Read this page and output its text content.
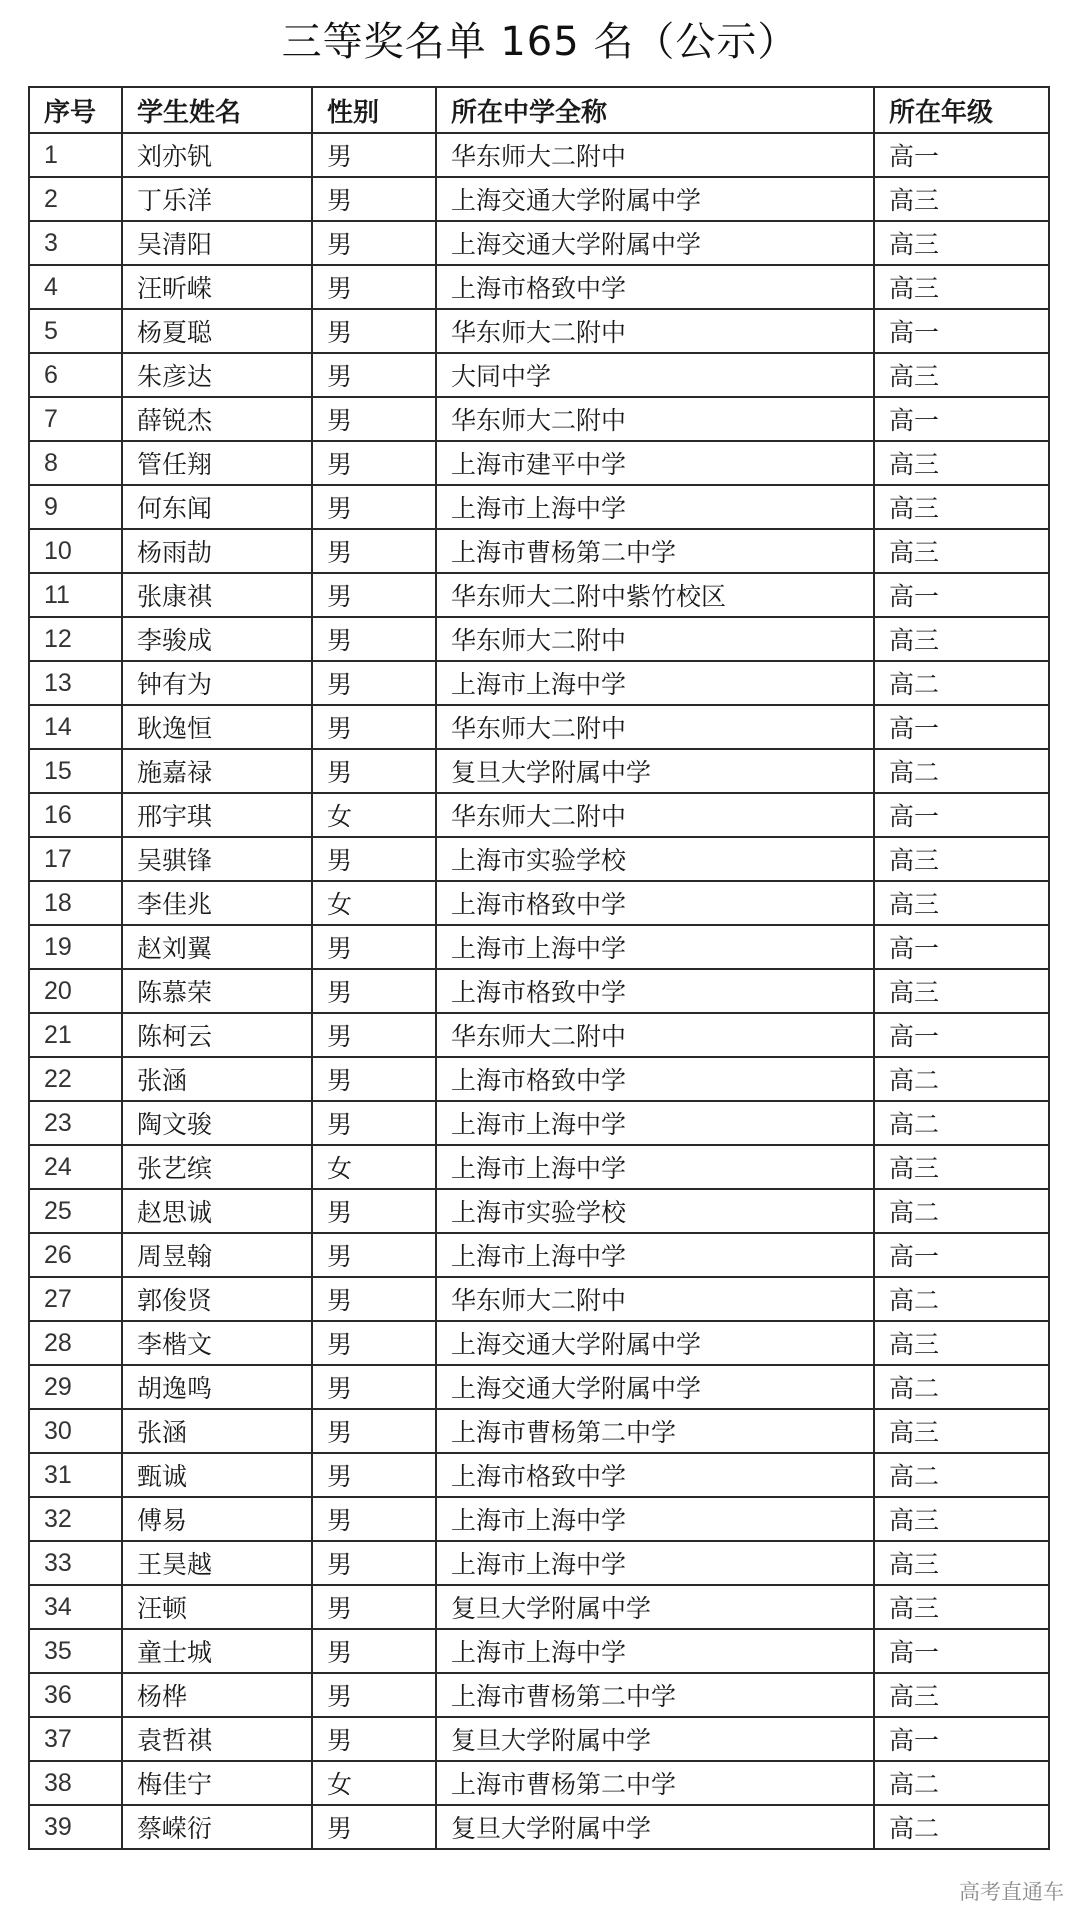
三等奖名单 165 名（公示）
序号	学生姓名	性别	所在中学全称	所在年级
1	刘亦钒	男	华东师大二附中	高一
2	丁乐洋	男	上海交通大学附属中学	高三
3	吴清阳	男	上海交通大学附属中学	高三
4	汪昕嵘	男	上海市格致中学	高三
5	杨夏聪	男	华东师大二附中	高一
6	朱彦达	男	大同中学	高三
7	薛锐杰	男	华东师大二附中	高一
8	管任翔	男	上海市建平中学	高三
9	何东闻	男	上海市上海中学	高三
10	杨雨劼	男	上海市曹杨第二中学	高三
11	张康祺	男	华东师大二附中紫竹校区	高一
12	李骏成	男	华东师大二附中	高三
13	钟有为	男	上海市上海中学	高二
14	耿逸恒	男	华东师大二附中	高一
15	施嘉禄	男	复旦大学附属中学	高二
16	邢宇琪	女	华东师大二附中	高一
17	吴骐锋	男	上海市实验学校	高三
18	李佳兆	女	上海市格致中学	高三
19	赵刘翼	男	上海市上海中学	高一
20	陈慕荣	男	上海市格致中学	高三
21	陈柯云	男	华东师大二附中	高一
22	张涵	男	上海市格致中学	高二
23	陶文骏	男	上海市上海中学	高二
24	张艺缤	女	上海市上海中学	高三
25	赵思诚	男	上海市实验学校	高二
26	周昱翰	男	上海市上海中学	高一
27	郭俊贤	男	华东师大二附中	高二
28	李楷文	男	上海交通大学附属中学	高三
29	胡逸鸣	男	上海交通大学附属中学	高二
30	张涵	男	上海市曹杨第二中学	高三
31	甄诚	男	上海市格致中学	高二
32	傅易	男	上海市上海中学	高三
33	王昊越	男	上海市上海中学	高三
34	汪顿	男	复旦大学附属中学	高三
35	童士城	男	上海市上海中学	高一
36	杨桦	男	上海市曹杨第二中学	高三
37	袁哲祺	男	复旦大学附属中学	高一
38	梅佳宁	女	上海市曹杨第二中学	高二
39	蔡嵘衍	男	复旦大学附属中学	高二
高考直通车
